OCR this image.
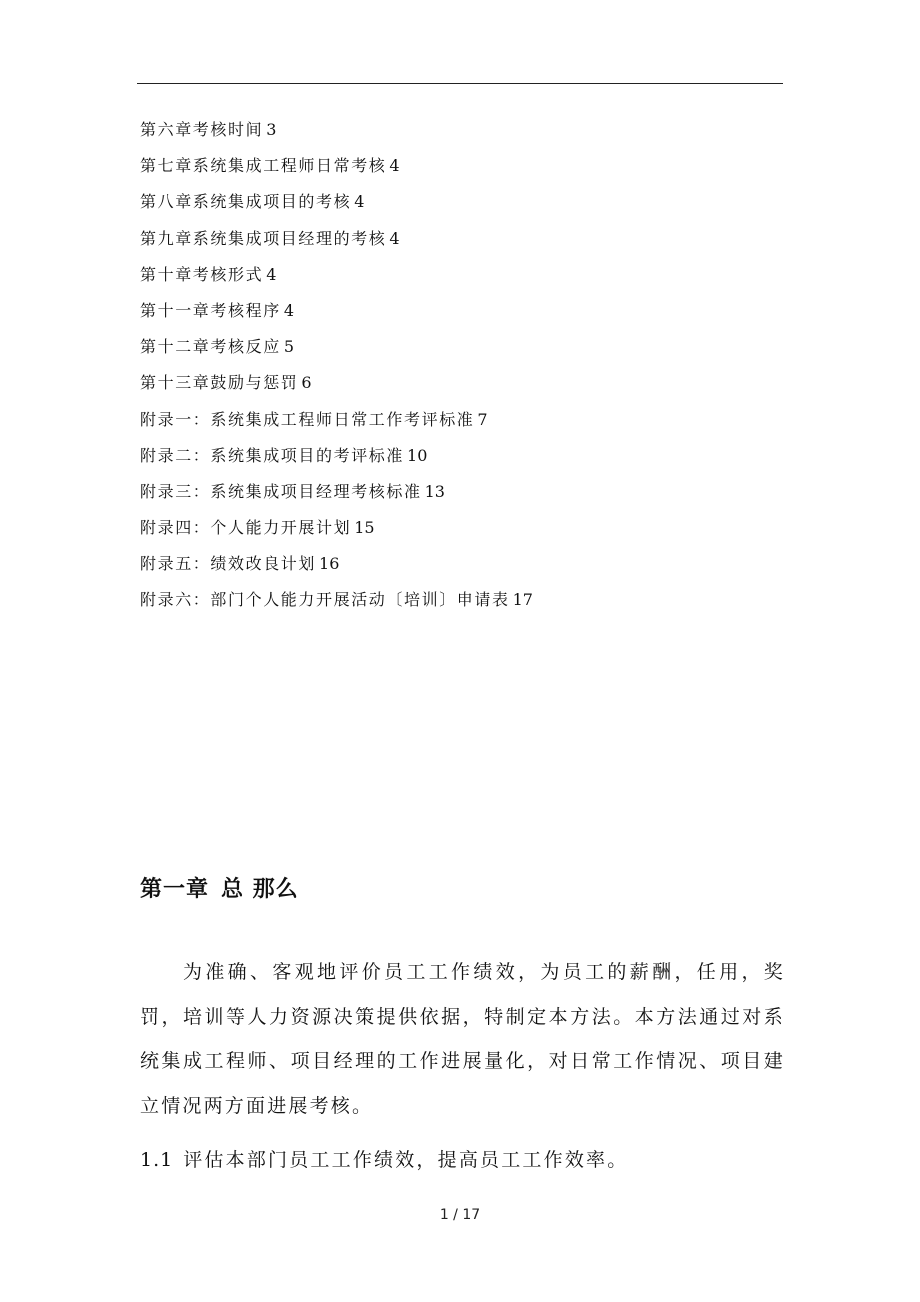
第六章考核时间 3
第七章系统集成工程师日常考核 4
第八章系统集成项目的考核 4
第九章系统集成项目经理的考核 4
第十章考核形式 4
第十一章考核程序 4
第十二章考核反应 5
第十三章鼓励与惩罚 6
附录一：系统集成工程师日常工作考评标准 7
附录二：系统集成项目的考评标准 10
附录三：系统集成项目经理考核标准 13
附录四：个人能力开展计划 15
附录五：绩效改良计划 16
附录六：部门个人能力开展活动〔培训〕申请表 17
第一章 总 那么

为准确、客观地评价员工工作绩效，为员工的薪酬，任用，奖罚，培训等人力资源决策提供依据，特制定本方法。本方法通过对系统集成工程师、项目经理的工作进展量化，对日常工作情况、项目建立情况两方面进展考核。

1.1 评估本部门员工工作绩效，提高员工工作效率。

1 / 17
